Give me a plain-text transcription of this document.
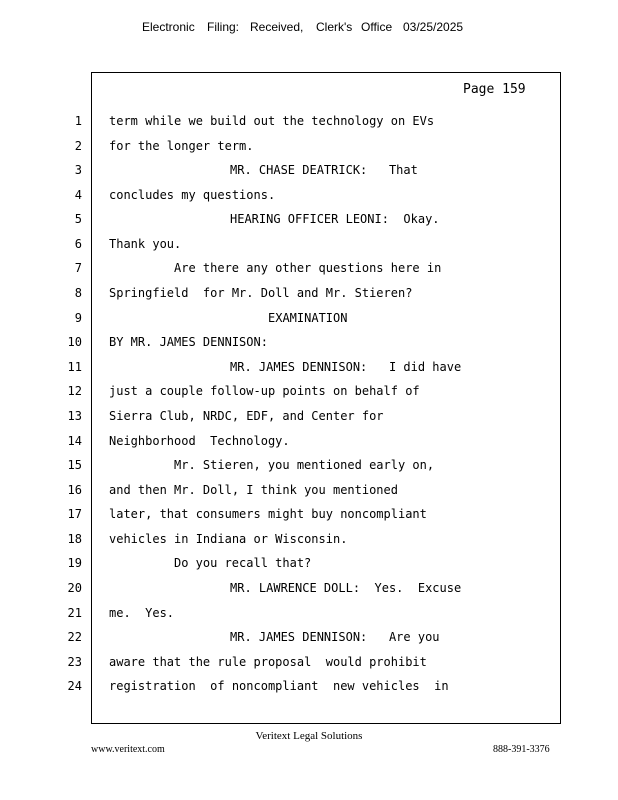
Electronic Filing: Received, Clerk's Office 03/25/2025
Page 159
1 term while we build out the technology on EVs
2 for the longer term.
3	MR. CHASE DEATRICK:   That
4 concludes my questions.
5	HEARING OFFICER LEONI:  Okay.
6 Thank you.
7	Are there any other questions here in
8 Springfield  for Mr. Doll and Mr. Stieren?
9	EXAMINATION
10 BY MR. JAMES DENNISON:
11	MR. JAMES DENNISON:   I did have
12 just a couple follow-up points on behalf of
13 Sierra Club, NRDC, EDF, and Center for
14 Neighborhood  Technology.
15	Mr. Stieren, you mentioned early on,
16 and then Mr. Doll, I think you mentioned
17 later, that consumers might buy noncompliant
18 vehicles in Indiana or Wisconsin.
19	Do you recall that?
20	MR. LAWRENCE DOLL:  Yes.  Excuse
21 me.  Yes.
22	MR. JAMES DENNISON:   Are you
23 aware that the rule proposal  would prohibit
24 registration  of noncompliant  new vehicles  in
Veritext Legal Solutions
www.veritext.com	888-391-3376
